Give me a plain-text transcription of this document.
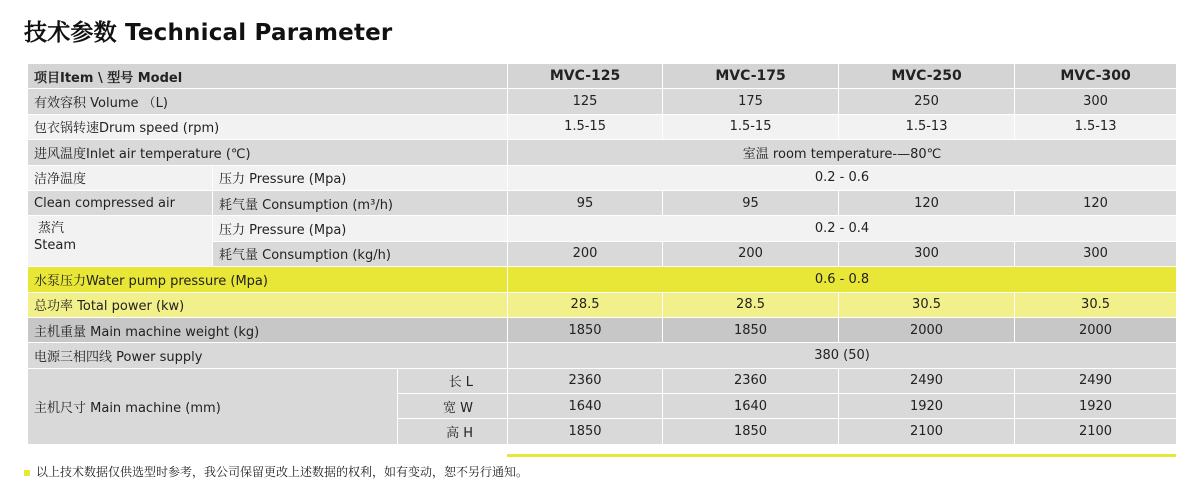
技术参数 Technical Parameter
项目Item \ 型号 Model			MVC-125	MVC-175	MVC-250	MVC-300
有效容积 Volume （L)			125	175	250	300
包衣锅转速Drum speed (rpm)			1.5-15	1.5-15	1.5-13	1.5-13
进风温度Inlet air temperature (℃)			室温 room temperature-—80℃			
洁净温度	压力 Pressure (Mpa)		0.2 - 0.6			
Clean compressed air	耗气量 Consumption (m³/h)		95	95	120	120
蒸汽
Steam	压力 Pressure (Mpa)		0.2 - 0.4			
	耗气量 Consumption (kg/h)		200	200	300	300
水泵压力Water pump pressure (Mpa)			0.6 - 0.8			
总功率 Total power (kw)			28.5	28.5	30.5	30.5
主机重量 Main machine weight (kg)			1850	1850	2000	2000
电源三相四线 Power supply			380 (50)			
主机尺寸 Main machine (mm)		长 L	2360	2360	2490	2490
		宽 W	1640	1640	1920	1920
		高 H	1850	1850	2100	2100
以上技术数据仅供选型时参考，我公司保留更改上述数据的权利，如有变动，恕不另行通知。
